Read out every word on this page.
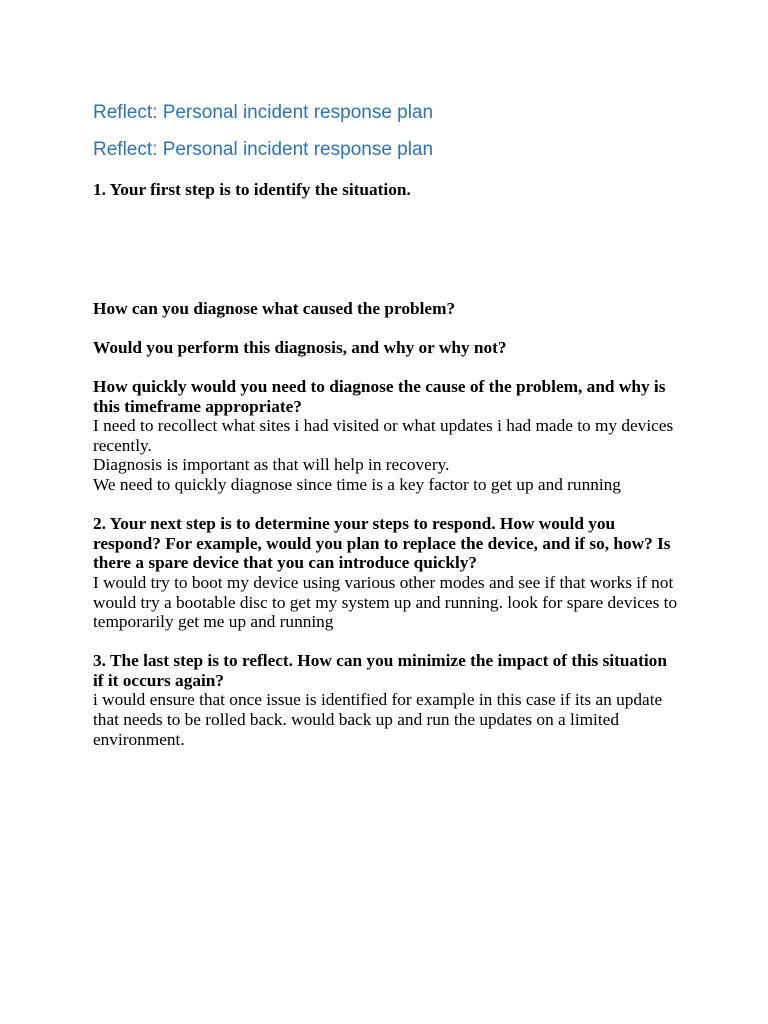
Reflect: Personal incident response plan
Reflect: Personal incident response plan

1. Your first step is to identify the situation.

How can you diagnose what caused the problem?

Would you perform this diagnosis, and why or why not?

How quickly would you need to diagnose the cause of the problem, and why is this timeframe appropriate?

I need to recollect what sites i had visited or what updates i had made to my devices recently.

Diagnosis is important as that will help in recovery.

We need to quickly diagnose since time is a key factor to get up and running

2. Your next step is to determine your steps to respond. How would you respond? For example, would you plan to replace the device, and if so, how? Is there a spare device that you can introduce quickly?

I would try to boot my device using various other modes and see if that works if not would try a bootable disc to get my system up and running. look for spare devices to temporarily get me up and running

3. The last step is to reflect. How can you minimize the impact of this situation if it occurs again?

i would ensure that once issue is identified for example in this case if its an update that needs to be rolled back. would back up and run the updates on a limited environment.
